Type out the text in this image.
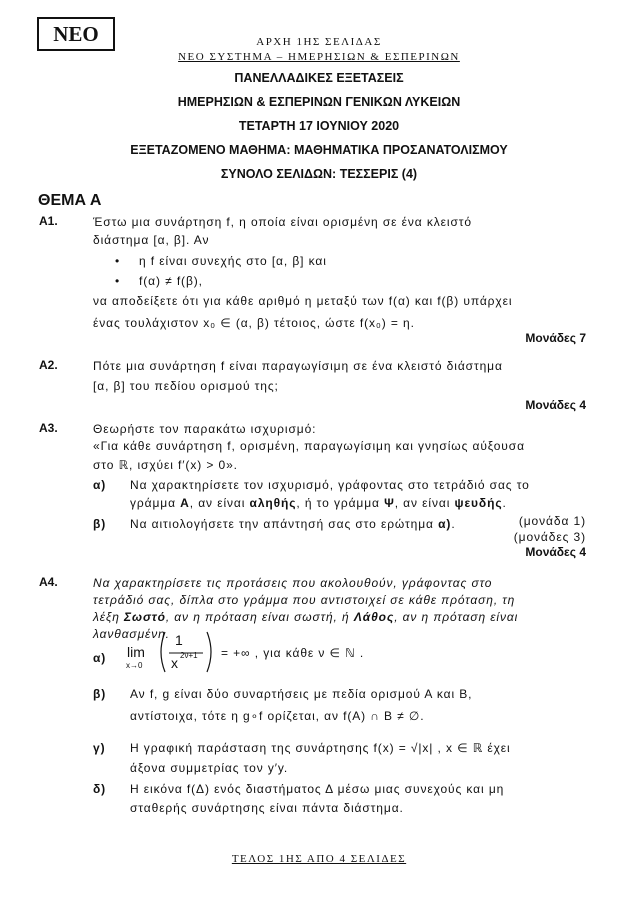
ΝΕΟ	ΑΡΧΗ 1ΗΣ ΣΕΛΙΔΑΣ
ΝΕΟ ΣΥΣΤΗΜΑ – ΗΜΕΡΗΣΙΩΝ & ΕΣΠΕΡΙΝΩΝ
ΠΑΝΕΛΛΑΔΙΚΕΣ ΕΞΕΤΑΣΕΙΣ
ΗΜΕΡΗΣΙΩΝ & ΕΣΠΕΡΙΝΩΝ ΓΕΝΙΚΩΝ ΛΥΚΕΙΩΝ
ΤΕΤΑΡΤΗ 17 ΙΟΥΝΙΟΥ 2020
ΕΞΕΤΑΖΟΜΕΝΟ ΜΑΘΗΜΑ: ΜΑΘΗΜΑΤΙΚΑ ΠΡΟΣΑΝΑΤΟΛΙΣΜΟΥ
ΣΥΝΟΛΟ ΣΕΛΙΔΩΝ: ΤΕΣΣΕΡΙΣ (4)
ΘΕΜΑ Α
Α1.	Έστω μια συνάρτηση f, η οποία είναι ορισμένη σε ένα κλειστό
διάστημα [α, β]. Αν
• η f είναι συνεχής στο [α, β] και
• f(α) ≠ f(β),
να αποδείξετε ότι για κάθε αριθμό η μεταξύ των f(α) και f(β) υπάρχει
ένας τουλάχιστον x₀ ∈ (α, β) τέτοιος, ώστε f(x₀) = η.
Μονάδες 7
Α2.	Πότε μια συνάρτηση f είναι παραγωγίσιμη σε ένα κλειστό διάστημα
[α, β] του πεδίου ορισμού της;
Μονάδες 4
Α3.	Θεωρήστε τον παρακάτω ισχυρισμό:
«Για κάθε συνάρτηση f, ορισμένη, παραγωγίσιμη και γνησίως αύξουσα
στο ℝ, ισχύει f′(x) > 0».
α) Να χαρακτηρίσετε τον ισχυρισμό, γράφοντας στο τετράδιό σας το
γράμμα Α, αν είναι αληθής, ή το γράμμα Ψ, αν είναι ψευδής.
(μονάδα 1)
β) Να αιτιολογήσετε την απάντησή σας στο ερώτημα α).
(μονάδες 3)
Μονάδες 4
Α4.	Να χαρακτηρίσετε τις προτάσεις που ακολουθούν, γράφοντας στο
τετράδιό σας, δίπλα στο γράμμα που αντιστοιχεί σε κάθε πρόταση, τη
λέξη Σωστό, αν η πρόταση είναι σωστή, ή Λάθος, αν η πρόταση είναι
λανθασμένη.
α) lim
x→0
1
x 2ν+1 = +∞ , για κάθε ν ∈ ℕ .
β) Αν f, g είναι δύο συναρτήσεις με πεδία ορισμού Α και Β,
αντίστοιχα, τότε η g∘f ορίζεται, αν f(A) ∩ B ≠ ∅.
γ) Η γραφική παράσταση της συνάρτησης f(x) = √|x| , x ∈ ℝ έχει
άξονα συμμετρίας τον y′y.
δ) Η εικόνα f(Δ) ενός διαστήματος Δ μέσω μιας συνεχούς και μη
σταθερής συνάρτησης είναι πάντα διάστημα.
ΤΕΛΟΣ 1ΗΣ ΑΠΟ 4 ΣΕΛΙΔΕΣ
